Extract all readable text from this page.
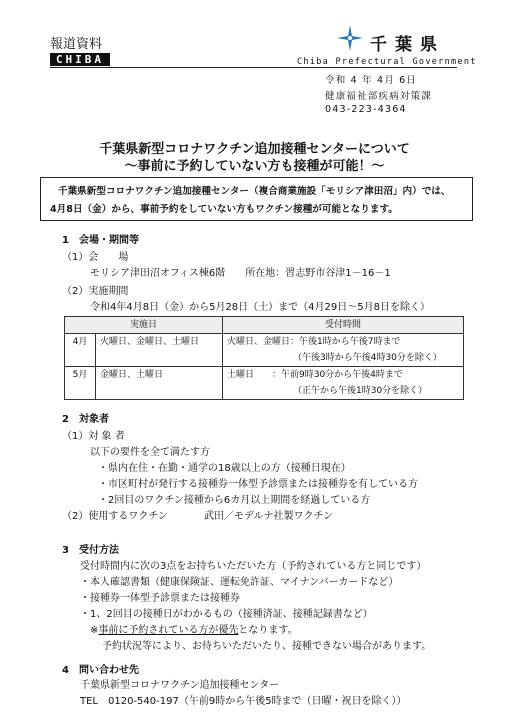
報道資料
CHIBA
千葉県
Chiba Prefectural Government
令和 4 年 4月 6日
健康福祉部疾病対策課
043-223-4364
千葉県新型コロナワクチン追加接種センターについて
～事前に予約していない方も接種が可能！～
千葉県新型コロナワクチン追加接種センター（複合商業施設「モリシア津田沼」内）では、
4月8日（金）から、事前予約をしていない方もワクチン接種が可能となります。
1　会場・期間等
（1）会　　場
モリシア津田沼オフィス棟6階　　所在地：習志野市谷津1－16－1
（2）実施期間
令和4年4月8日（金）から5月28日（土）まで（4月29日～5月8日を除く）
実施日		受付時間
4月	火曜日、金曜日、土曜日	火曜日、金曜日：午後1時から午後7時まで
		（午後3時から午後4時30分を除く）
5月	金曜日、土曜日	土曜日　　：午前9時30分から午後4時まで
		（正午から午後1時30分を除く）
2　対象者
（1）対 象 者
以下の要件を全て満たす方
・県内在住・在勤・通学の18歳以上の方（接種日現在）
・市区町村が発行する接種券一体型予診票または接種券を有している方
・2回目のワクチン接種から6カ月以上期間を経過している方
（2）使用するワクチン	武田／モデルナ社製ワクチン
3　受付方法
受付時間内に次の3点をお持ちいただいた方（予約されている方と同じです）
・本人確認書類（健康保険証、運転免許証、マイナンバーカードなど）
・接種券一体型予診票または接種券
・1、2回目の接種日がわかるもの（接種済証、接種記録書など）
※事前に予約されている方が優先となります。
予約状況等により、お待ちいただいたり、接種できない場合があります。
4　問い合わせ先
千葉県新型コロナワクチン追加接種センター
TEL　0120-540-197（午前9時から午後5時まで（日曜・祝日を除く））
